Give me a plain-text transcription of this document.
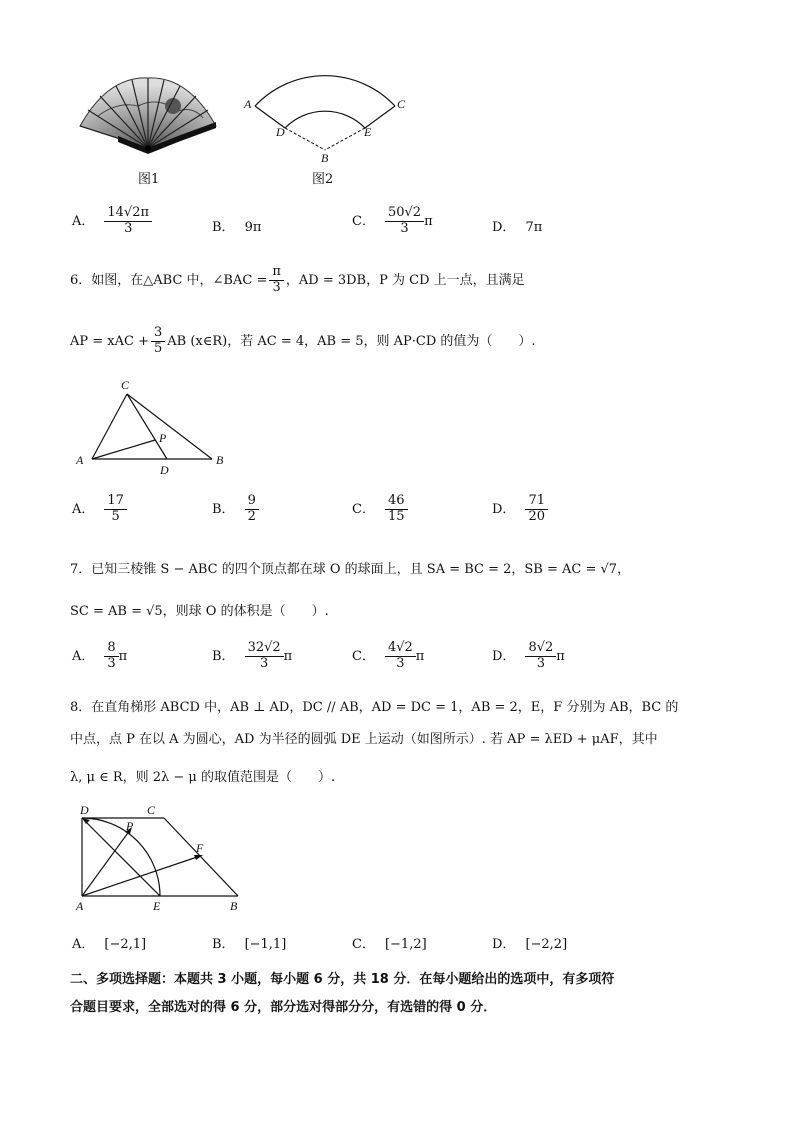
图1
A	C
D	E
B
图2
A． $\frac{14√2\pi}{3}$	B． 9π	C． $\frac{50√2}{3}$ π	D． 7π
6．如图，在△ABC 中，∠BAC = $\frac{\pi}{3}$ ，AD = 3DB，P 为 CD 上一点，且满足
AP = xAC + $\frac{3}{5}$ AB (x∈R)，若 AC = 4，AB = 5，则 AP·CD 的值为（　　）.
C
P
A
D
B
A． $\frac{17}{5}$	B． $\frac{9}{2}$	C． $\frac{46}{15}$	D． $\frac{71}{20}$
7．已知三棱锥 S − ABC 的四个顶点都在球 O 的球面上，且 SA = BC = 2，SB = AC = √7，
SC = AB = √5，则球 O 的体积是（　　）.
A． $\frac{8}{3}$ π	B． $\frac{32√2}{3}$ π	C． $\frac{4√2}{3}$ π	D． $\frac{8√2}{3}$ π
8．在直角梯形 ABCD 中，AB ⊥ AD，DC // AB，AD = DC = 1，AB = 2，E，F 分别为 AB，BC 的
中点，点 P 在以 A 为圆心，AD 为半径的圆弧 DE 上运动（如图所示）. 若 AP = λED + μAF，其中
λ, μ ∈ R，则 2λ − μ 的取值范围是（　　）.
D	C
P
F
A	E	B
A． [−2,1]	B． [−1,1]	C． [−1,2]	D． [−2,2]
二、多项选择题：本题共 3 小题，每小题 6 分，共 18 分．在每小题给出的选项中，有多项符
合题目要求，全部选对的得 6 分，部分选对得部分分，有选错的得 0 分．
